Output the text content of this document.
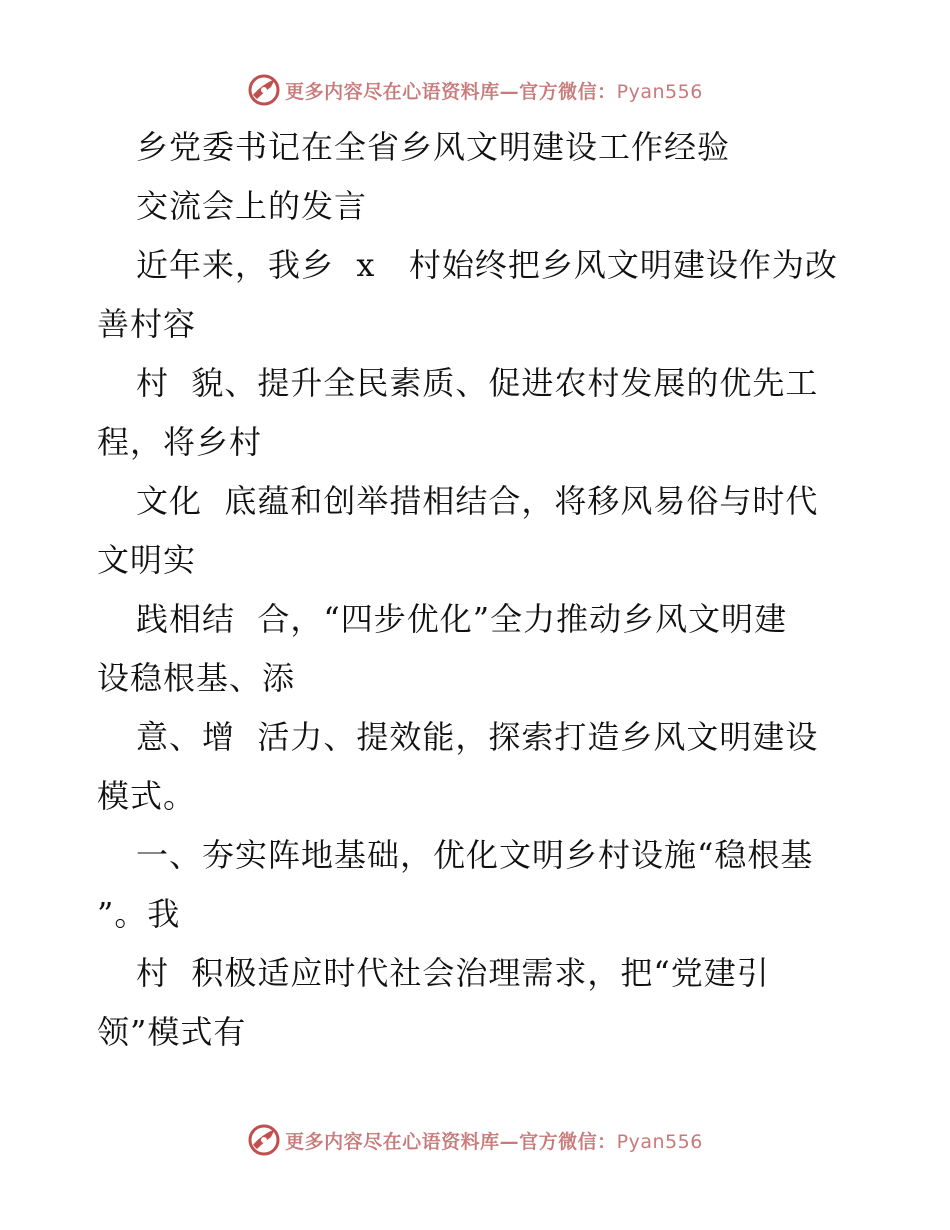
更多内容尽在心语资料库—官方微信：Pyan556
乡党委书记在全省乡风文明建设工作经验
交流会上的发言
近年来，我乡  x   村始终把乡风文明建设作为改
善村容
村  貌、提升全民素质、促进农村发展的优先工
程，将乡村
文化  底蕴和创举措相结合，将移风易俗与时代
文明实
践相结  合，“四步优化”全力推动乡风文明建
设稳根基、添
意、增  活力、提效能，探索打造乡风文明建设
模式。
一、夯实阵地基础，优化文明乡村设施“稳根基
”。我
村  积极适应时代社会治理需求，把“党建引
领”模式有
更多内容尽在心语资料库—官方微信：Pyan556
